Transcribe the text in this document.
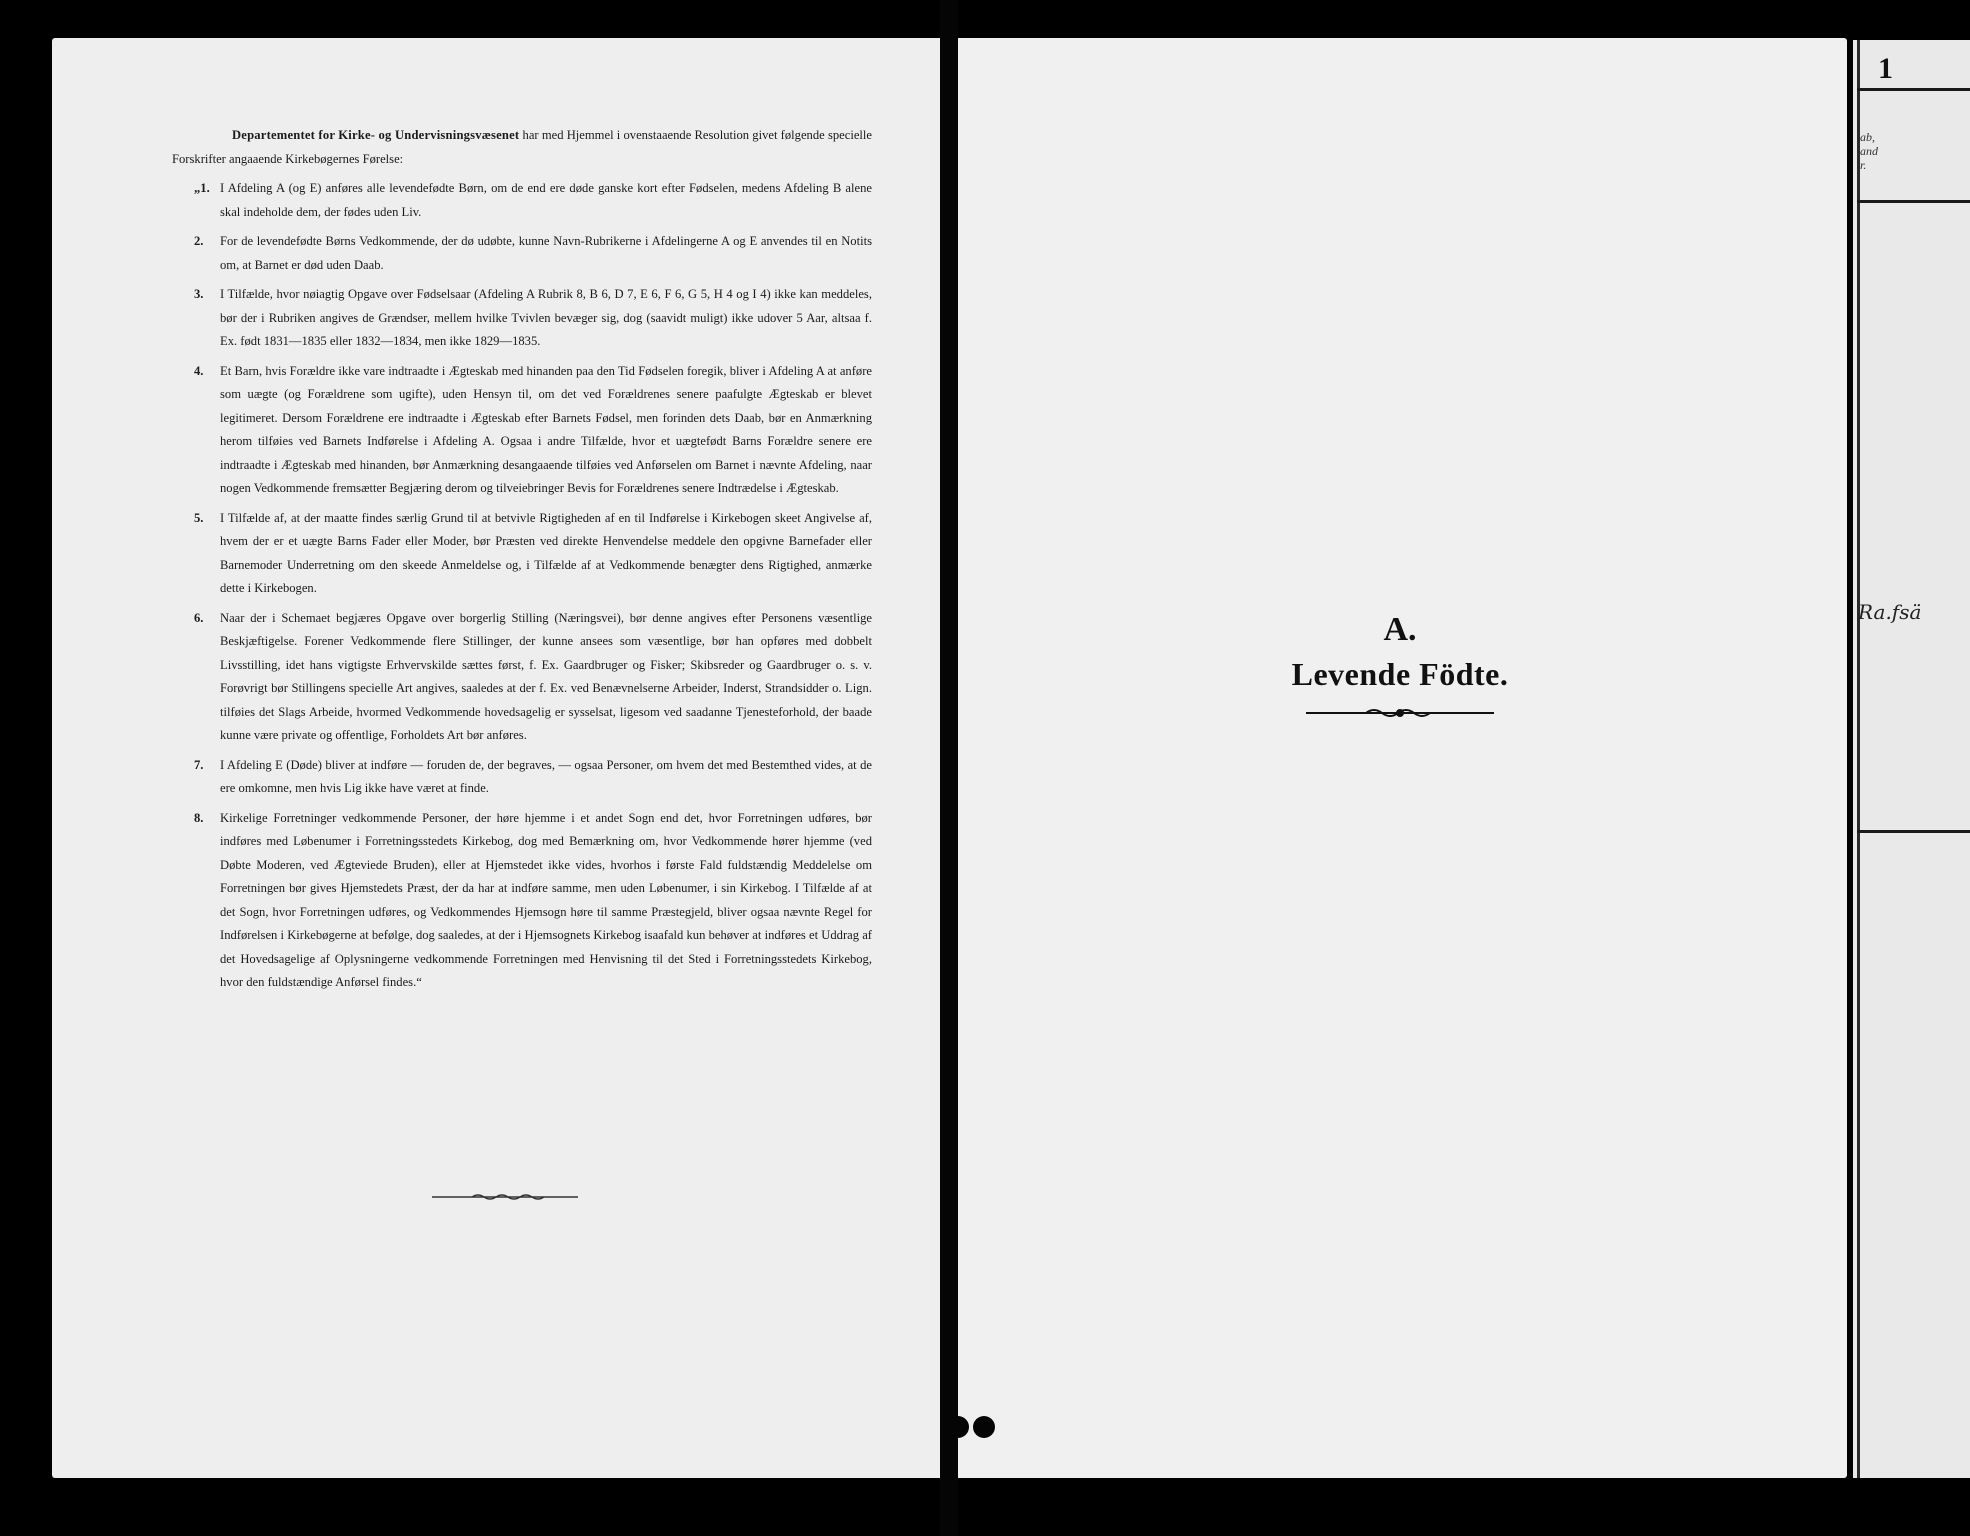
Departementet for Kirke- og Undervisningsvæsenet har med Hjemmel i ovenstaaende Resolution givet følgende specielle Forskrifter angaaende Kirkebøgernes Førelse:

„1. I Afdeling A (og E) anføres alle levendefødte Børn, om de end ere døde ganske kort efter Fødselen, medens Afdeling B alene skal indeholde dem, der fødes uden Liv.
2. For de levendefødte Børns Vedkommende, der dø udøbte, kunne Navn-Rubrikerne i Afdelingerne A og E anvendes til en Notits om, at Barnet er død uden Daab.
3. I Tilfælde, hvor nøiagtig Opgave over Fødselsaar (Afdeling A Rubrik 8, B 6, D 7, E 6, F 6, G 5, H 4 og I 4) ikke kan meddeles, bør der i Rubriken angives de Grændser, mellem hvilke Tvivlen bevæger sig, dog (saavidt muligt) ikke udover 5 Aar, altsaa f. Ex. født 1831—1835 eller 1832—1834, men ikke 1829—1835.
4. Et Barn, hvis Forældre ikke vare indtraadte i Ægteskab med hinanden paa den Tid Fødselen foregik, bliver i Afdeling A at anføre som uægte (og Forældrene som ugifte), uden Hensyn til, om det ved Forældrenes senere paafulgte Ægteskab er blevet legitimeret. Dersom Forældrene ere indtraadte i Ægteskab efter Barnets Fødsel, men forinden dets Daab, bør en Anmærkning herom tilføies ved Barnets Indførelse i Afdeling A. Ogsaa i andre Tilfælde, hvor et uægtefødt Barns Forældre senere ere indtraadte i Ægteskab med hinanden, bør Anmærkning desangaaende tilføies ved Anførselen om Barnet i nævnte Afdeling, naar nogen Vedkommende fremsætter Begjæring derom og tilveiebringer Bevis for Forældrenes senere Indtrædelse i Ægteskab.
5. I Tilfælde af, at der maatte findes særlig Grund til at betvivle Rigtigheden af en til Indførelse i Kirkebogen skeet Angivelse af, hvem der er et uægte Barns Fader eller Moder, bør Præsten ved direkte Henvendelse meddele den opgivne Barnefader eller Barnemoder Underretning om den skeede Anmeldelse og, i Tilfælde af at Vedkommende benægter dens Rigtighed, anmærke dette i Kirkebogen.
6. Naar der i Schemaet begjæres Opgave over borgerlig Stilling (Næringsvei), bør denne angives efter Personens væsentlige Beskjæftigelse. Forener Vedkommende flere Stillinger, der kunne ansees som væsentlige, bør han opføres med dobbelt Livsstilling, idet hans vigtigste Erhvervskilde sættes først, f. Ex. Gaardbruger og Fisker; Skibsreder og Gaardbruger o. s. v. Forøvrigt bør Stillingens specielle Art angives, saaledes at der f. Ex. ved Benævnelserne Arbeider, Inderst, Strandsidder o. Lign. tilføies det Slags Arbeide, hvormed Vedkommende hovedsagelig er sysselsat, ligesom ved saadanne Tjenesteforhold, der baade kunne være private og offentlige, Forholdets Art bør anføres.
7. I Afdeling E (Døde) bliver at indføre — foruden de, der begraves, — ogsaa Personer, om hvem det med Bestemthed vides, at de ere omkomne, men hvis Lig ikke have været at finde.
8. Kirkelige Forretninger vedkommende Personer, der høre hjemme i et andet Sogn end det, hvor Forretningen udføres, bør indføres med Løbenumer i Forretningsstedets Kirkebog, dog med Bemærkning om, hvor Vedkommende hører hjemme (ved Døbte Moderen, ved Ægteviede Bruden), eller at Hjemstedet ikke vides, hvorhos i første Fald fuldstændig Meddelelse om Forretningen bør gives Hjemstedets Præst, der da har at indføre samme, men uden Løbenumer, i sin Kirkebog. I Tilfælde af at det Sogn, hvor Forretningen udføres, og Vedkommendes Hjemsogn høre til samme Præstegjeld, bliver ogsaa nævnte Regel for Indførelsen i Kirkebøgerne at befølge, dog saaledes, at der i Hjemsognets Kirkebog isaafald kun behøver at indføres et Uddrag af det Hovedsagelige af Oplysningerne vedkommende Forretningen med Henvisning til det Sted i Forretningsstedets Kirkebog, hvor den fuldstændige Anførsel findes.“
A.
Levende Födte.
1
ab,
and
r.
Ra.fsä
